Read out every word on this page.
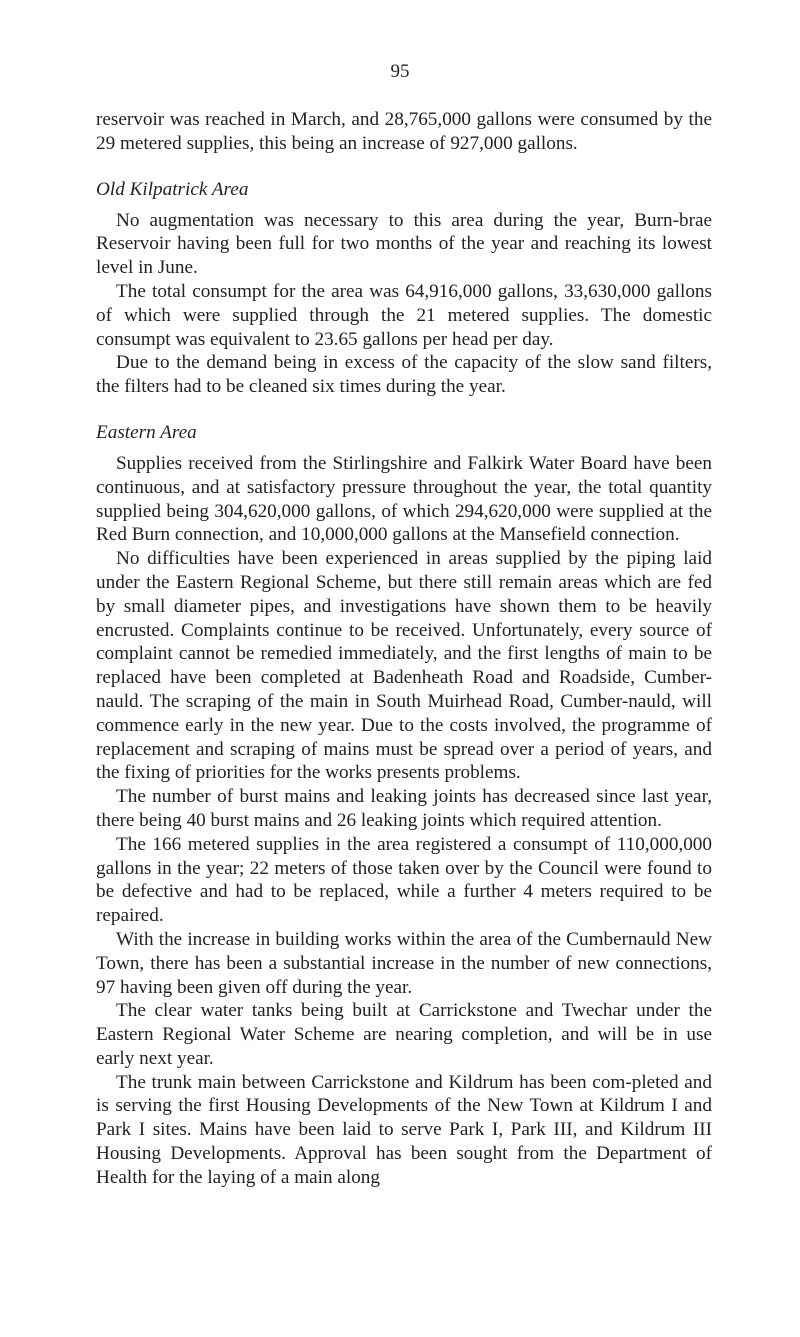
95

reservoir was reached in March, and 28,765,000 gallons were consumed by the 29 metered supplies, this being an increase of 927,000 gallons.

Old Kilpatrick Area

No augmentation was necessary to this area during the year, Burn-brae Reservoir having been full for two months of the year and reaching its lowest level in June.

The total consumpt for the area was 64,916,000 gallons, 33,630,000 gallons of which were supplied through the 21 metered supplies. The domestic consumpt was equivalent to 23.65 gallons per head per day.

Due to the demand being in excess of the capacity of the slow sand filters, the filters had to be cleaned six times during the year.

Eastern Area

Supplies received from the Stirlingshire and Falkirk Water Board have been continuous, and at satisfactory pressure throughout the year, the total quantity supplied being 304,620,000 gallons, of which 294,620,000 were supplied at the Red Burn connection, and 10,000,000 gallons at the Mansefield connection.

No difficulties have been experienced in areas supplied by the piping laid under the Eastern Regional Scheme, but there still remain areas which are fed by small diameter pipes, and investigations have shown them to be heavily encrusted. Complaints continue to be received. Unfortunately, every source of complaint cannot be remedied immediately, and the first lengths of main to be replaced have been completed at Badenheath Road and Roadside, Cumber-nauld. The scraping of the main in South Muirhead Road, Cumber-nauld, will commence early in the new year. Due to the costs involved, the programme of replacement and scraping of mains must be spread over a period of years, and the fixing of priorities for the works presents problems.

The number of burst mains and leaking joints has decreased since last year, there being 40 burst mains and 26 leaking joints which required attention.

The 166 metered supplies in the area registered a consumpt of 110,000,000 gallons in the year; 22 meters of those taken over by the Council were found to be defective and had to be replaced, while a further 4 meters required to be repaired.

With the increase in building works within the area of the Cumbernauld New Town, there has been a substantial increase in the number of new connections, 97 having been given off during the year.

The clear water tanks being built at Carrickstone and Twechar under the Eastern Regional Water Scheme are nearing completion, and will be in use early next year.

The trunk main between Carrickstone and Kildrum has been com-pleted and is serving the first Housing Developments of the New Town at Kildrum I and Park I sites. Mains have been laid to serve Park I, Park III, and Kildrum III Housing Developments. Approval has been sought from the Department of Health for the laying of a main along
